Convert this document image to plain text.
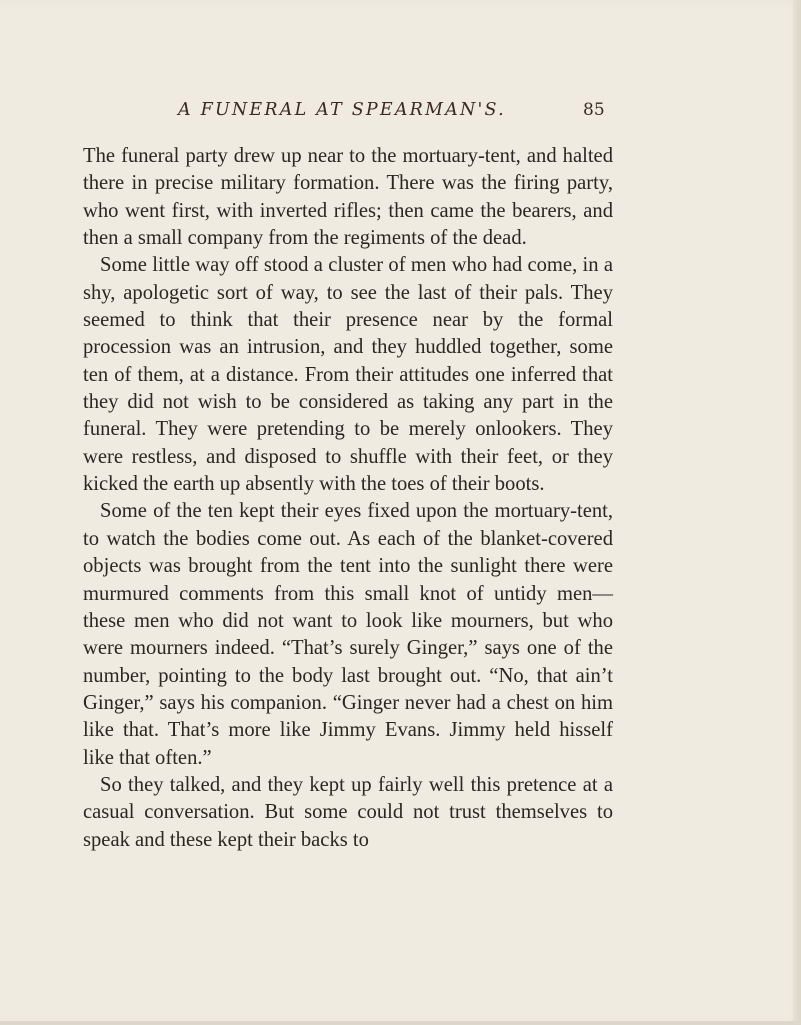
A FUNERAL AT SPEARMAN'S.	85

The funeral party drew up near to the mortuary-tent, and halted there in precise military formation. There was the firing party, who went first, with inverted rifles; then came the bearers, and then a small company from the regiments of the dead.

Some little way off stood a cluster of men who had come, in a shy, apologetic sort of way, to see the last of their pals. They seemed to think that their presence near by the formal procession was an intrusion, and they huddled together, some ten of them, at a distance. From their attitudes one inferred that they did not wish to be considered as taking any part in the funeral. They were pretending to be merely onlookers. They were restless, and disposed to shuffle with their feet, or they kicked the earth up absently with the toes of their boots.

Some of the ten kept their eyes fixed upon the mortuary-tent, to watch the bodies come out. As each of the blanket-covered objects was brought from the tent into the sunlight there were murmured comments from this small knot of untidy men—these men who did not want to look like mourners, but who were mourners indeed. “That’s surely Ginger,” says one of the number, pointing to the body last brought out. “No, that ain’t Ginger,” says his companion. “Ginger never had a chest on him like that. That’s more like Jimmy Evans. Jimmy held hisself like that often.”

So they talked, and they kept up fairly well this pretence at a casual conversation. But some could not trust themselves to speak and these kept their backs to
